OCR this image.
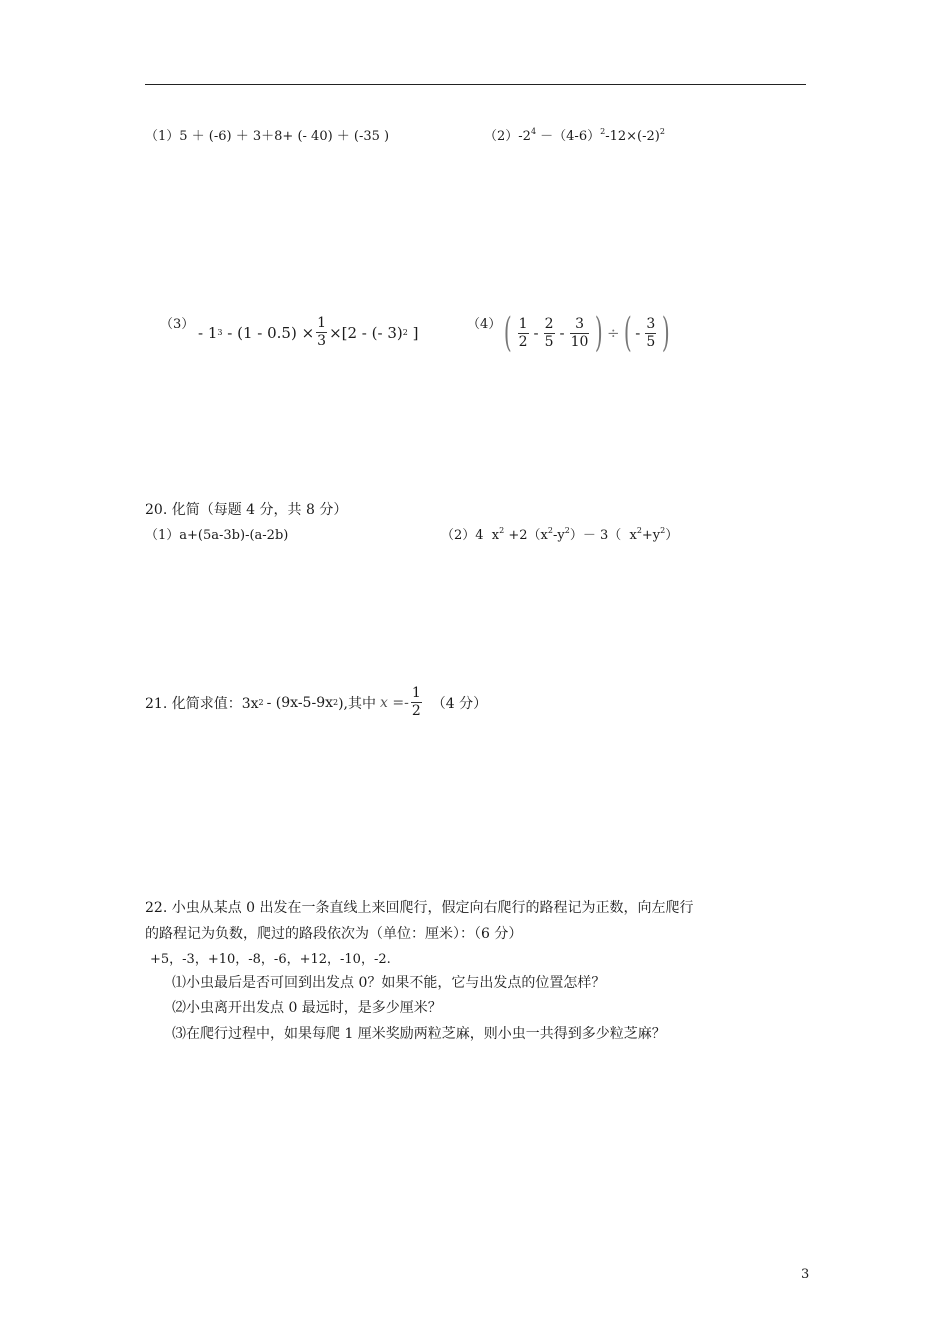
（1）5 ＋ (-6) ＋ 3＋8+ (- 40) ＋ (-35 )	$(2)-2^4 -(4-6)^2-12\times(-2)^2$
（3） - 1 $3 - (1 - 0.5) \times \frac{1}{3} \times[2$ - (- 3) 2 ]	（4） ( $\frac{1}{2} - \frac{2}{5} - \frac{3}{10}$ ) ÷ ( - $\frac{3}{5}$ )
20. 化简（每题 4 分，共 8 分）
（1）a+(5a-3b)-(a-2b)	（2）4  $x^2 +2(x^2-y^2)- 3$（  $x^2+y^2$）
21. 化简求值：3x 2 - (9x-5-9x 2 ),其中 $x =- \frac{1}{2} (4$ 分）
22. 小虫从某点 0 出发在一条直线上来回爬行，假定向右爬行的路程记为正数，向左爬行
的路程记为负数，爬过的路段依次为（单位：厘米）：（6 分）
+5，-3，+10，-8，-6，+12，-10，-2.
⑴小虫最后是否可回到出发点 0？如果不能，它与出发点的位置怎样？
⑵小虫离开出发点 0 最远时，是多少厘米？
⑶在爬行过程中，如果每爬 1 厘米奖励两粒芝麻，则小虫一共得到多少粒芝麻？
3
